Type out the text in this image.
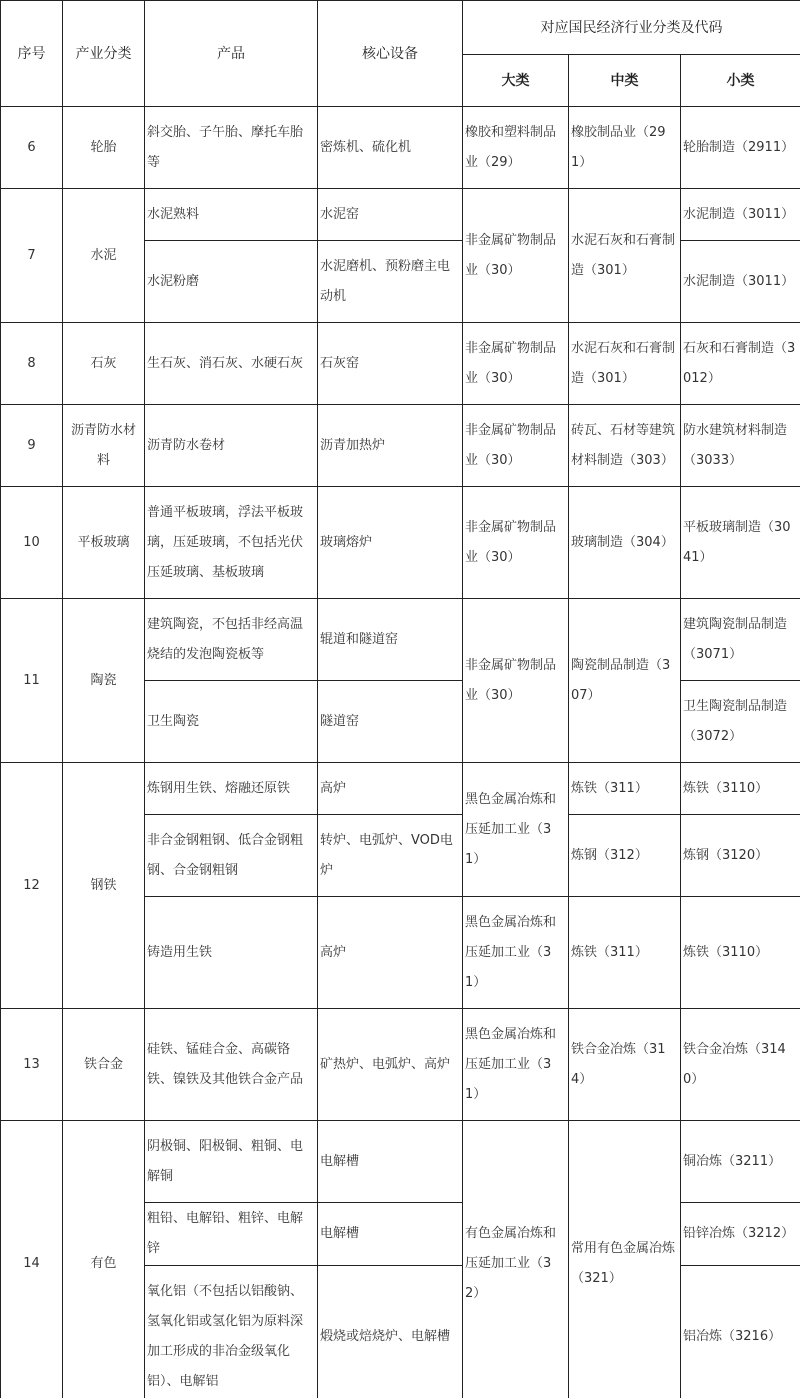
序号	产业分类	产品	核心设备	对应国民经济行业分类及代码		
				大类	中类	小类
6	轮胎	斜交胎、子午胎、摩托车胎等	密炼机、硫化机	橡胶和塑料制品业（29）	橡胶制品业（291）	轮胎制造（2911）
7	水泥	水泥熟料	水泥窑	非金属矿物制品业（30）	水泥石灰和石膏制造（301）	水泥制造（3011）
		水泥粉磨	水泥磨机、预粉磨主电动机			水泥制造（3011）
8	石灰	生石灰、消石灰、水硬石灰	石灰窑	非金属矿物制品业（30）	水泥石灰和石膏制造（301）	石灰和石膏制造（3012）
9	沥青防水材料	沥青防水卷材	沥青加热炉	非金属矿物制品业（30）	砖瓦、石材等建筑材料制造（303）	防水建筑材料制造（3033）
10	平板玻璃	普通平板玻璃，浮法平板玻璃，压延玻璃，不包括光伏压延玻璃、基板玻璃	玻璃熔炉	非金属矿物制品业（30）	玻璃制造（304）	平板玻璃制造（3041）
11	陶瓷	建筑陶瓷，不包括非经高温烧结的发泡陶瓷板等	辊道和隧道窑	非金属矿物制品业（30）	陶瓷制品制造（307）	建筑陶瓷制品制造（3071）
		卫生陶瓷	隧道窑			卫生陶瓷制品制造（3072）
12	钢铁	炼钢用生铁、熔融还原铁	高炉	黑色金属冶炼和压延加工业（31）	炼铁（311）	炼铁（3110）
		非合金钢粗钢、低合金钢粗钢、合金钢粗钢	转炉、电弧炉、VOD电炉		炼钢（312）	炼钢（3120）
		铸造用生铁	高炉	黑色金属冶炼和压延加工业（31）	炼铁（311）	炼铁（3110）
13	铁合金	硅铁、锰硅合金、高碳铬铁、镍铁及其他铁合金产品	矿热炉、电弧炉、高炉	黑色金属冶炼和压延加工业（31）	铁合金冶炼（314）	铁合金冶炼（3140）
14	有色	阴极铜、阳极铜、粗铜、电解铜	电解槽	有色金属冶炼和压延加工业（32）	常用有色金属冶炼（321）	铜冶炼（3211）
		粗铅、电解铅、粗锌、电解锌	电解槽			铅锌冶炼（3212）
		氧化铝（不包括以铝酸钠、氢氧化铝或氢化铝为原料深加工形成的非冶金级氧化铝）、电解铝	煅烧或焙烧炉、电解槽			铝冶炼（3216）
